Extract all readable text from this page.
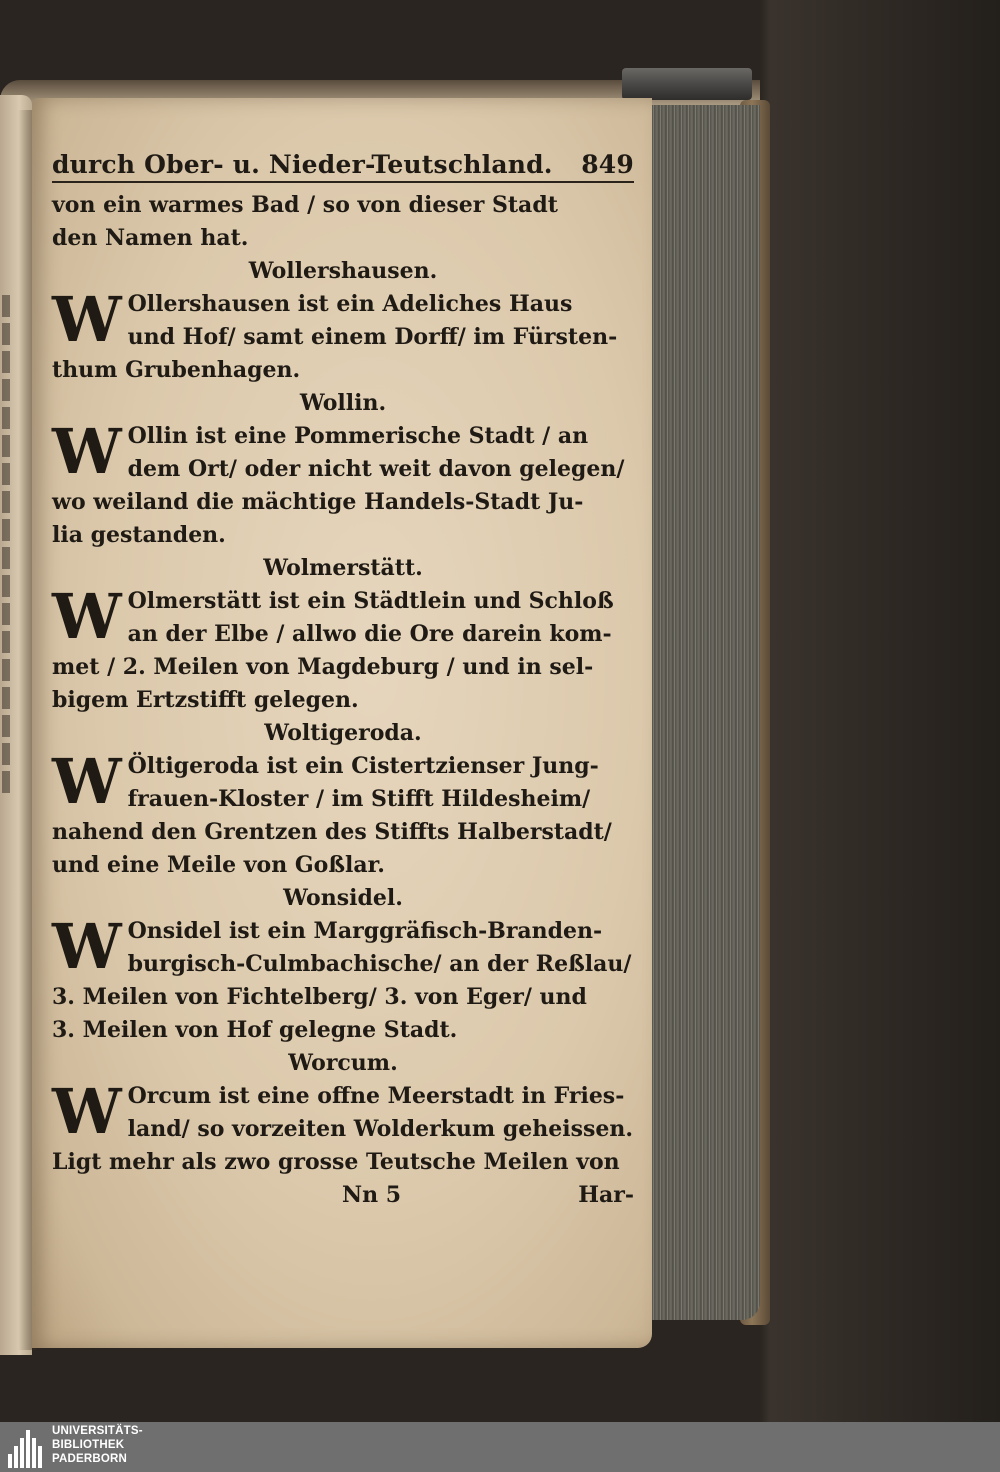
durch Ober- u. Nieder-Teutschland. 849
von ein warmes Bad / so von dieser Stadt
den Namen hat.
Wollershausen.
W Ollershausen ist ein Adeliches Haus
und Hof/ samt einem Dorff/ im Fürsten-
thum Grubenhagen.
Wollin.
W Ollin ist eine Pommerische Stadt / an
dem Ort/ oder nicht weit davon gelegen/
wo weiland die mächtige Handels-Stadt Ju-
lia gestanden.
Wolmerstätt.
W Olmerstätt ist ein Städtlein und Schloß
an der Elbe / allwo die Ore darein kom-
met / 2. Meilen von Magdeburg / und in sel-
bigem Ertzstifft gelegen.
Woltigeroda.
W Öltigeroda ist ein Cistertzienser Jung-
frauen-Kloster / im Stifft Hildesheim/
nahend den Grentzen des Stiffts Halberstadt/
und eine Meile von Goßlar.
Wonsidel.
W Onsidel ist ein Marggräfisch-Branden-
burgisch-Culmbachische/ an der Reßlau/
3. Meilen von Fichtelberg/ 3. von Eger/ und
3. Meilen von Hof gelegne Stadt.
Worcum.
W Orcum ist eine offne Meerstadt in Fries-
land/ so vorzeiten Wolderkum geheissen.
Ligt mehr als zwo grosse Teutsche Meilen von
Nn 5	Har-
UNIVERSITÄTS-
BIBLIOTHEK
PADERBORN
